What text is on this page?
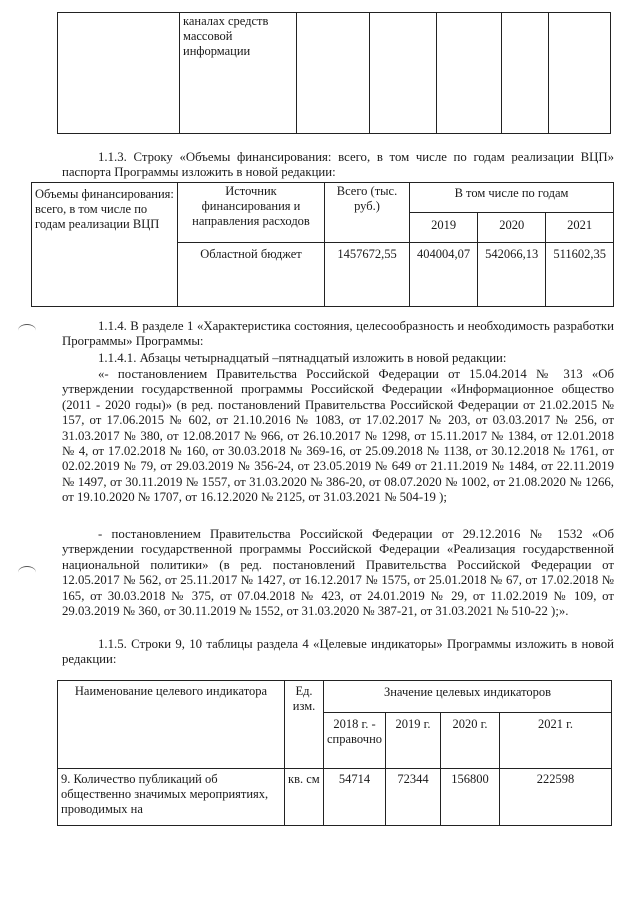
	каналах средств массовой информации					

1.1.3. Строку «Объемы финансирования: всего, в том числе по годам реализации ВЦП» паспорта Программы изложить в новой редакции:

Объемы финансирования: всего, в том числе по годам реализации ВЦП	Источник финансирования и направления расходов	Всего (тыс. руб.)	В том числе по годам		
			2019	2020	2021
	Областной бюджет	1457672,55	404004,07	542066,13	511602,35

1.1.4. В разделе 1 «Характеристика состояния, целесообразность и необходимость разработки Программы» Программы:

1.1.4.1. Абзацы четырнадцатый –пятнадцатый изложить в новой редакции:

«- постановлением Правительства Российской Федерации от 15.04.2014 № 313 «Об утверждении государственной программы Российской Федерации «Информационное общество (2011 - 2020 годы)» (в ред. постановлений Правительства Российской Федерации от 21.02.2015 № 157, от 17.06.2015 № 602, от 21.10.2016 № 1083, от 17.02.2017 № 203, от 03.03.2017 № 256, от 31.03.2017 № 380, от 12.08.2017 № 966, от 26.10.2017 № 1298, от 15.11.2017 № 1384, от 12.01.2018 № 4, от 17.02.2018 № 160, от 30.03.2018 № 369-16, от 25.09.2018 № 1138, от 30.12.2018 № 1761, от 02.02.2019 № 79, от 29.03.2019 № 356-24, от 23.05.2019 № 649 от 21.11.2019 № 1484, от 22.11.2019 № 1497, от 30.11.2019 № 1557, от 31.03.2020 № 386-20, от 08.07.2020 № 1002, от 21.08.2020 № 1266, от 19.10.2020 № 1707, от 16.12.2020 № 2125, от 31.03.2021 № 504-19 );

- постановлением Правительства Российской Федерации от 29.12.2016 № 1532 «Об утверждении государственной программы Российской Федерации «Реализация государственной национальной политики» (в ред. постановлений Правительства Российской Федерации от 12.05.2017 № 562, от 25.11.2017 № 1427, от 16.12.2017 № 1575, от 25.01.2018 № 67, от 17.02.2018 № 165, от 30.03.2018 № 375, от 07.04.2018 № 423, от 24.01.2019 № 29, от 11.02.2019 № 109, от 29.03.2019 № 360, от 30.11.2019 № 1552, от 31.03.2020 № 387-21, от 31.03.2021 № 510-22 );».

1.1.5. Строки 9, 10 таблицы раздела 4 «Целевые индикаторы» Программы изложить в новой редакции:

Наименование целевого индикатора	Ед. изм.	Значение целевых индикаторов			
		2018 г. - справочно	2019 г.	2020 г.	2021 г.
9. Количество публикаций об общественно значимых мероприятиях, проводимых на	кв. см	54714	72344	156800	222598
